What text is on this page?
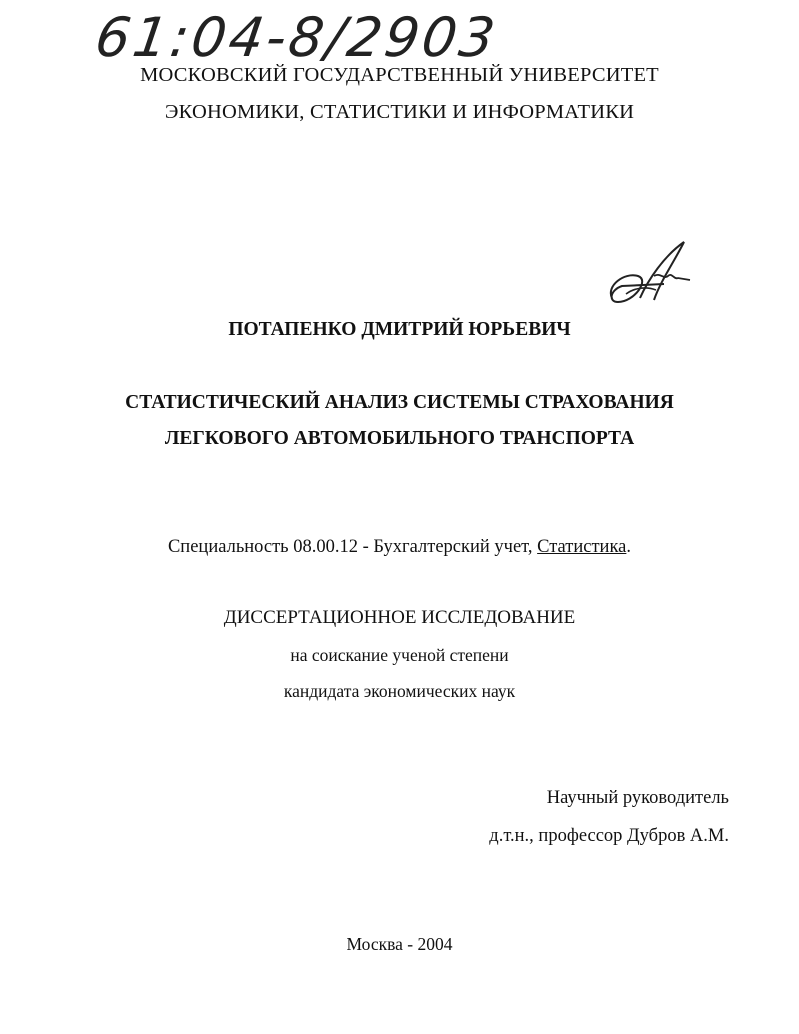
61:04-8/2903
МОСКОВСКИЙ ГОСУДАРСТВЕННЫЙ УНИВЕРСИТЕТ
ЭКОНОМИКИ, СТАТИСТИКИ И ИНФОРМАТИКИ
ПОТАПЕНКО ДМИТРИЙ ЮРЬЕВИЧ
СТАТИСТИЧЕСКИЙ АНАЛИЗ СИСТЕМЫ СТРАХОВАНИЯ
ЛЕГКОВОГО АВТОМОБИЛЬНОГО ТРАНСПОРТА
Специальность 08.00.12 - Бухгалтерский учет, Статистика.
ДИССЕРТАЦИОННОЕ ИССЛЕДОВАНИЕ
на соискание ученой степени
кандидата экономических наук
Научный руководитель
д.т.н., профессор Дубров А.М.
Москва - 2004
